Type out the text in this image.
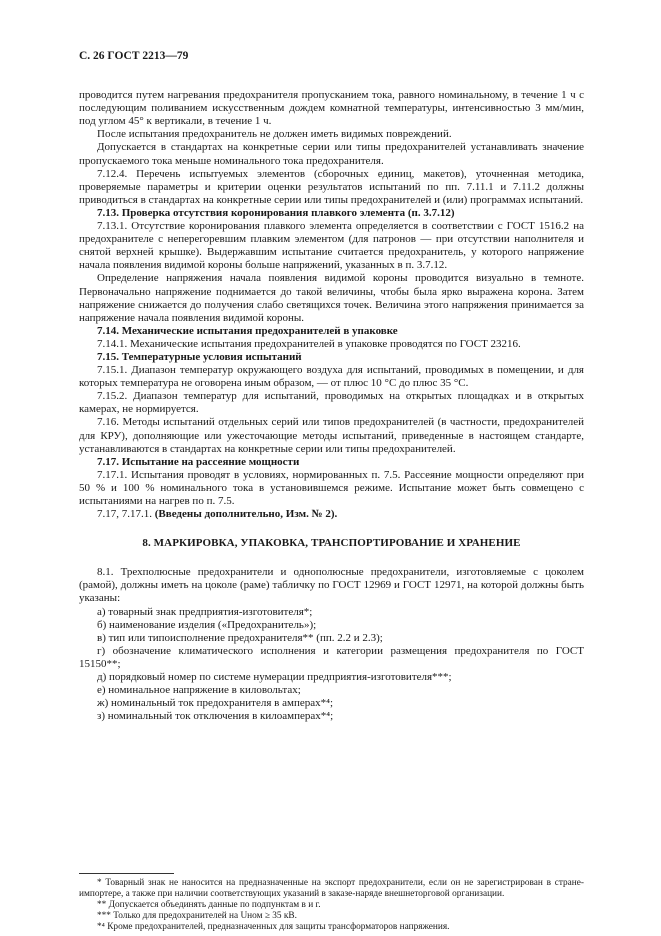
С. 26 ГОСТ 2213—79

проводится путем нагревания предохранителя пропусканием тока, равного номинальному, в течение 1 ч с последующим поливанием искусственным дождем комнатной температуры, интенсивностью 3 мм/мин, под углом 45° к вертикали, в течение 1 ч.

После испытания предохранитель не должен иметь видимых повреждений.

Допускается в стандартах на конкретные серии или типы предохранителей устанавливать значение пропускаемого тока меньше номинального тока предохранителя.

7.12.4. Перечень испытуемых элементов (сборочных единиц, макетов), уточненная методика, проверяемые параметры и критерии оценки результатов испытаний по пп. 7.11.1 и 7.11.2 должны приводиться в стандартах на конкретные серии или типы предохранителей и (или) программах испытаний.

7.13. Проверка отсутствия коронирования плавкого элемента (п. 3.7.12)

7.13.1. Отсутствие коронирования плавкого элемента определяется в соответствии с ГОСТ 1516.2 на предохранителе с неперегоревшим плавким элементом (для патронов — при отсутствии наполнителя и снятой верхней крышке). Выдержавшим испытание считается предохранитель, у которого напряжение начала появления видимой короны больше напряжений, указанных в п. 3.7.12.

Определение напряжения начала появления видимой короны проводится визуально в темноте. Первоначально напряжение поднимается до такой величины, чтобы была ярко выражена корона. Затем напряжение снижается до получения слабо светящихся точек. Величина этого напряжения принимается за напряжение начала появления видимой короны.

7.14. Механические испытания предохранителей в упаковке

7.14.1. Механические испытания предохранителей в упаковке проводятся по ГОСТ 23216.

7.15. Температурные условия испытаний

7.15.1. Диапазон температур окружающего воздуха для испытаний, проводимых в помещении, и для которых температура не оговорена иным образом, — от плюс 10 °С до плюс 35 °С.

7.15.2. Диапазон температур для испытаний, проводимых на открытых площадках и в открытых камерах, не нормируется.

7.16. Методы испытаний отдельных серий или типов предохранителей (в частности, предохранителей для КРУ), дополняющие или ужесточающие методы испытаний, приведенные в настоящем стандарте, устанавливаются в стандартах на конкретные серии или типы предохранителей.

7.17. Испытание на рассеяние мощности

7.17.1. Испытания проводят в условиях, нормированных п. 7.5. Рассеяние мощности определяют при 50 % и 100 % номинального тока в установившемся режиме. Испытание может быть совмещено с испытаниями на нагрев по п. 7.5.

7.17, 7.17.1. (Введены дополнительно, Изм. № 2).

8. МАРКИРОВКА, УПАКОВКА, ТРАНСПОРТИРОВАНИЕ И ХРАНЕНИЕ

8.1. Трехполюсные предохранители и однополюсные предохранители, изготовляемые с цоколем (рамой), должны иметь на цоколе (раме) табличку по ГОСТ 12969 и ГОСТ 12971, на которой должны быть указаны:

а) товарный знак предприятия-изготовителя*;

б) наименование изделия («Предохранитель»);

в) тип или типоисполнение предохранителя** (пп. 2.2 и 2.3);

г) обозначение климатического исполнения и категории размещения предохранителя по ГОСТ 15150**;

д) порядковый номер по системе нумерации предприятия-изготовителя***;

е) номинальное напряжение в киловольтах;

ж) номинальный ток предохранителя в амперах*⁴;

з) номинальный ток отключения в килоамперах*⁴;

* Товарный знак не наносится на предназначенные на экспорт предохранители, если он не зарегистрирован в стране-импортере, а также при наличии соответствующих указаний в заказе-наряде внешнеторговой организации.

** Допускается объединять данные по подпунктам в и г.

*** Только для предохранителей на Uном ≥ 35 кВ.

*⁴ Кроме предохранителей, предназначенных для защиты трансформаторов напряжения.
